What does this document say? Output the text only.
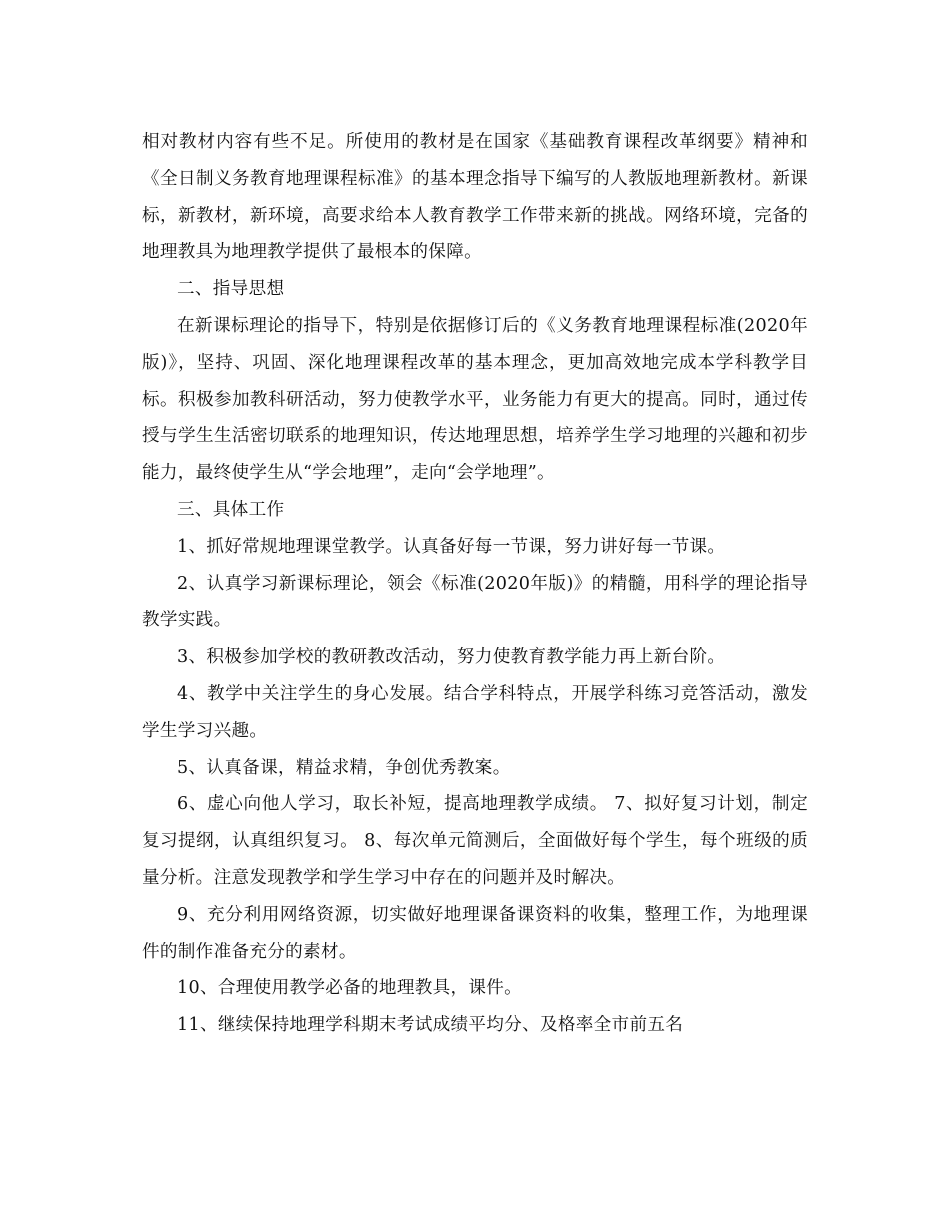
相对教材内容有些不足。所使用的教材是在国家《基础教育课程改革纲要》精神和《全日制义务教育地理课程标准》的基本理念指导下编写的人教版地理新教材。新课标，新教材，新环境，高要求给本人教育教学工作带来新的挑战。网络环境，完备的地理教具为地理教学提供了最根本的保障。

二、指导思想

在新课标理论的指导下，特别是依据修订后的《义务教育地理课程标准(2020年版)》，坚持、巩固、深化地理课程改革的基本理念，更加高效地完成本学科教学目标。积极参加教科研活动，努力使教学水平，业务能力有更大的提高。同时，通过传授与学生生活密切联系的地理知识，传达地理思想，培养学生学习地理的兴趣和初步能力，最终使学生从“学会地理”，走向“会学地理”。

三、具体工作

1、抓好常规地理课堂教学。认真备好每一节课，努力讲好每一节课。

2、认真学习新课标理论，领会《标准(2020年版)》的精髓，用科学的理论指导教学实践。

3、积极参加学校的教研教改活动，努力使教育教学能力再上新台阶。

4、教学中关注学生的身心发展。结合学科特点，开展学科练习竞答活动，激发学生学习兴趣。

5、认真备课，精益求精，争创优秀教案。

6、虚心向他人学习，取长补短，提高地理教学成绩。 7、拟好复习计划，制定复习提纲，认真组织复习。 8、每次单元简测后，全面做好每个学生，每个班级的质量分析。注意发现教学和学生学习中存在的问题并及时解决。

9、充分利用网络资源，切实做好地理课备课资料的收集，整理工作，为地理课件的制作准备充分的素材。

10、合理使用教学必备的地理教具，课件。

11、继续保持地理学科期末考试成绩平均分、及格率全市前五名
